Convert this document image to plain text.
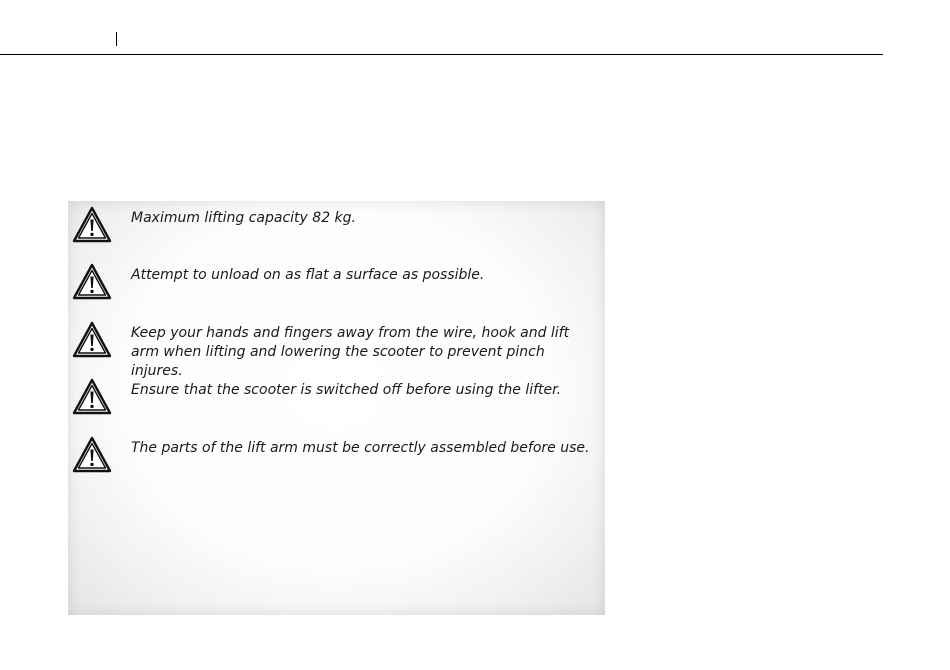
Maximum lifting capacity 82 kg.
Attempt to unload on as flat a surface as possible.
Keep your hands and fingers away from the wire, hook and lift arm when lifting and lowering the scooter to prevent pinch injures.
Ensure that the scooter is switched off before using the lifter.
The parts of the lift arm must be correctly assembled before use.
